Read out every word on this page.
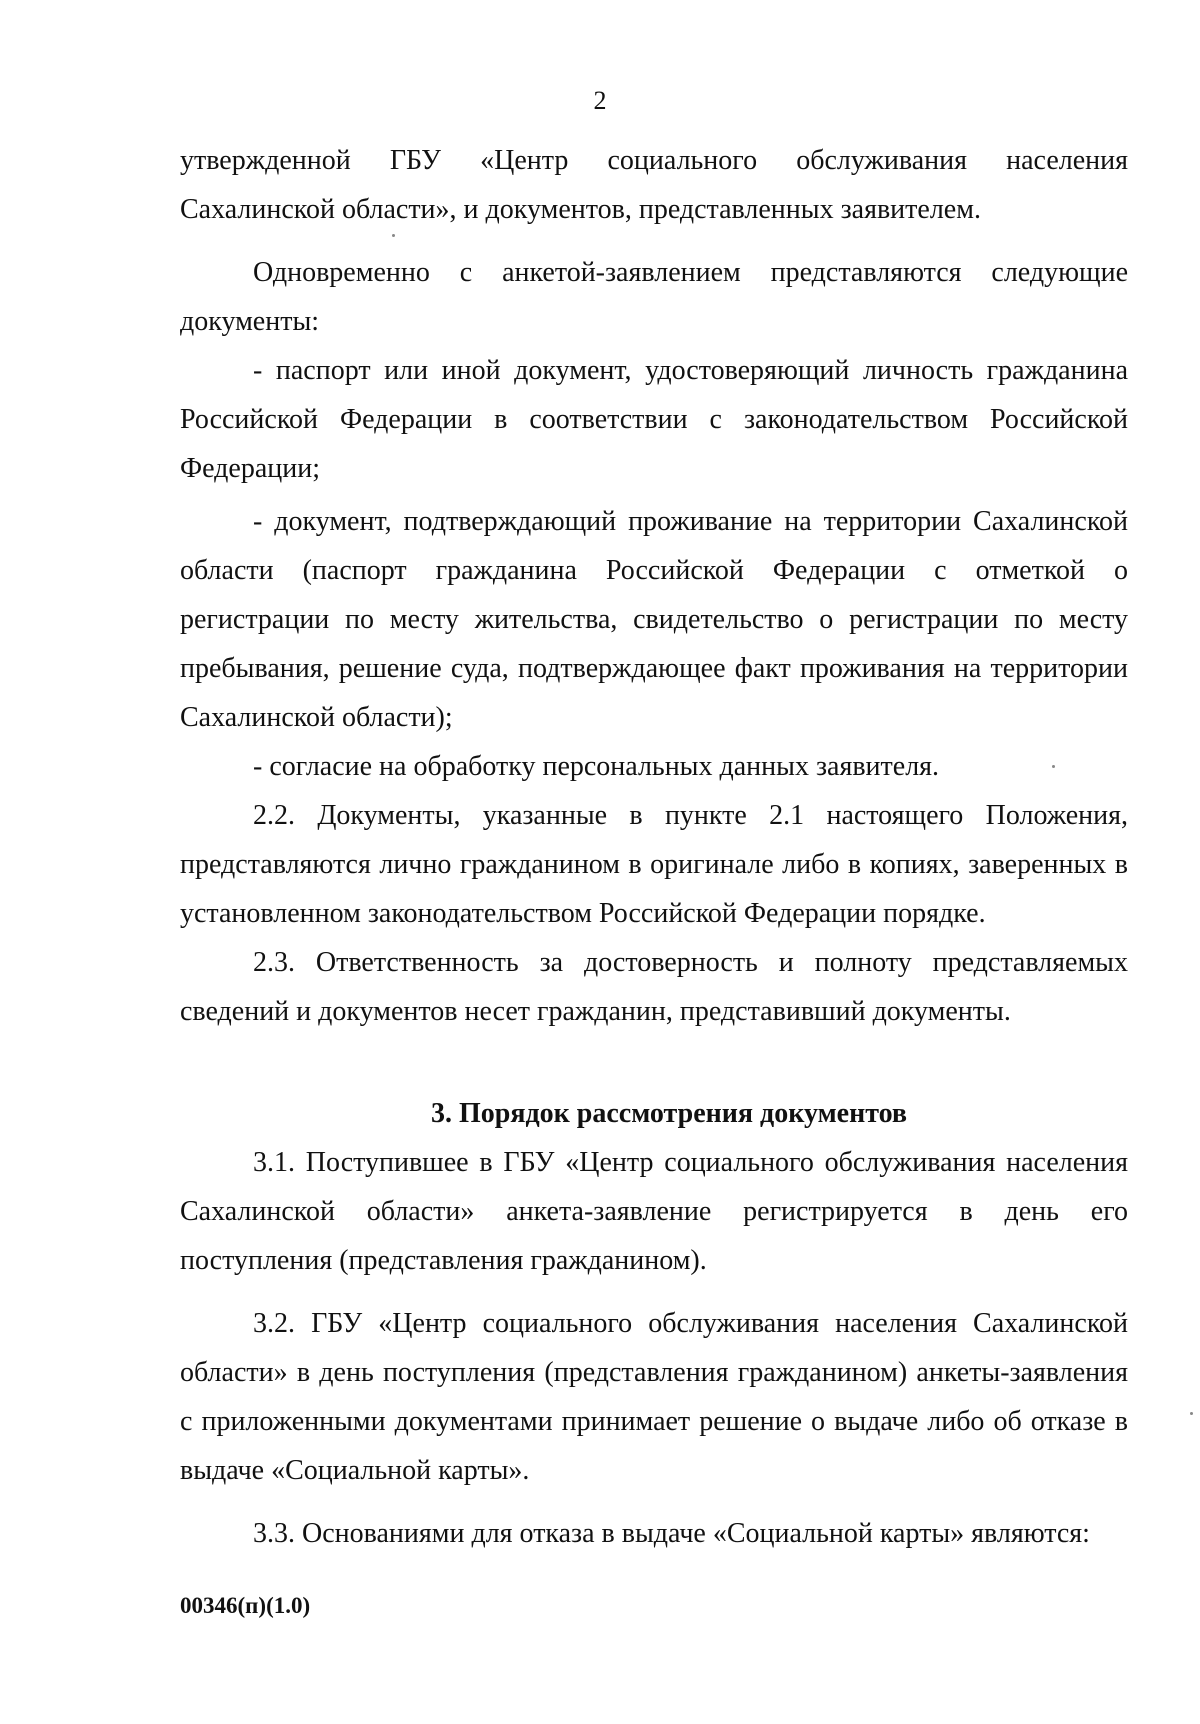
2

утвержденной ГБУ «Центр социального обслуживания населения Сахалинской области», и документов, представленных заявителем.

Одновременно с анкетой-заявлением представляются следующие документы:

- паспорт или иной документ, удостоверяющий личность гражданина Российской Федерации в соответствии с законодательством Российской Федерации;

- документ, подтверждающий проживание на территории Сахалинской области (паспорт гражданина Российской Федерации с отметкой о регистрации по месту жительства, свидетельство о регистрации по месту пребывания, решение суда, подтверждающее факт проживания на территории Сахалинской области);

- согласие на обработку персональных данных заявителя.

2.2. Документы, указанные в пункте 2.1 настоящего Положения, представляются лично гражданином в оригинале либо в копиях, заверенных в установленном законодательством Российской Федерации порядке.

2.3. Ответственность за достоверность и полноту представляемых сведений и документов несет гражданин, представивший документы.

3. Порядок рассмотрения документов

3.1. Поступившее в ГБУ «Центр социального обслуживания населения Сахалинской области» анкета-заявление регистрируется в день его поступления (представления гражданином).

3.2. ГБУ «Центр социального обслуживания населения Сахалинской области» в день поступления (представления гражданином) анкеты-заявления с приложенными документами принимает решение о выдаче либо об отказе в выдаче «Социальной карты».

3.3. Основаниями для отказа в выдаче «Социальной карты» являются:

00346(п)(1.0)
